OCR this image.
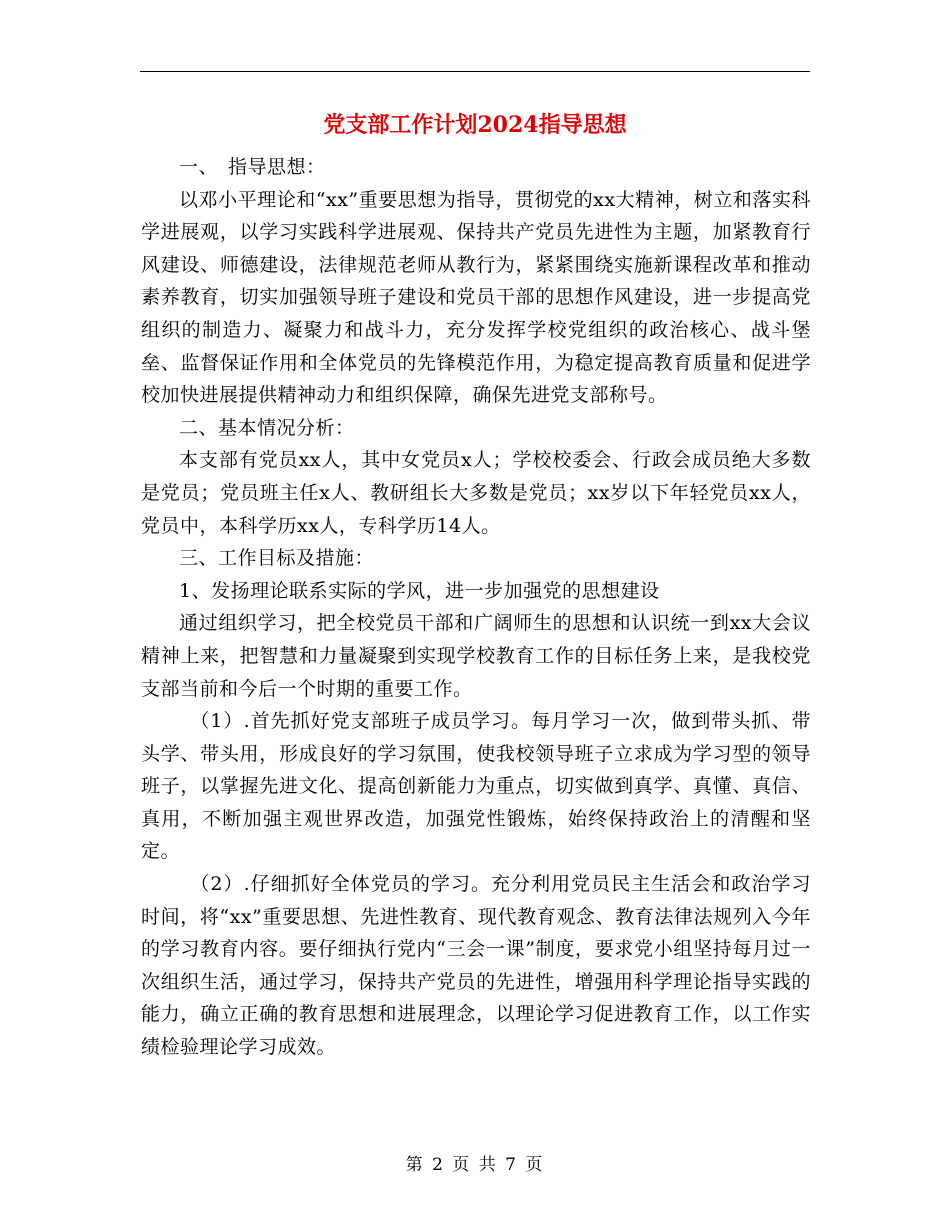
党支部工作计划2024指导思想

一、　指导思想：

以邓小平理论和“xx”重要思想为指导，贯彻党的xx大精神，树立和落实科学进展观，以学习实践科学进展观、保持共产党员先进性为主题，加紧教育行风建设、师德建设，法律规范老师从教行为，紧紧围绕实施新课程改革和推动素养教育，切实加强领导班子建设和党员干部的思想作风建设，进一步提高党组织的制造力、凝聚力和战斗力，充分发挥学校党组织的政治核心、战斗堡垒、监督保证作用和全体党员的先锋模范作用，为稳定提高教育质量和促进学校加快进展提供精神动力和组织保障，确保先进党支部称号。

二、基本情况分析：

本支部有党员xx人，其中女党员x人；学校校委会、行政会成员绝大多数是党员；党员班主任x人、教研组长大多数是党员；xx岁以下年轻党员xx人，党员中，本科学历xx人，专科学历14人。

三、工作目标及措施：

1、发扬理论联系实际的学风，进一步加强党的思想建设

通过组织学习，把全校党员干部和广阔师生的思想和认识统一到xx大会议精神上来，把智慧和力量凝聚到实现学校教育工作的目标任务上来，是我校党支部当前和今后一个时期的重要工作。

（1）.首先抓好党支部班子成员学习。每月学习一次，做到带头抓、带头学、带头用，形成良好的学习氛围，使我校领导班子立求成为学习型的领导班子，以掌握先进文化、提高创新能力为重点，切实做到真学、真懂、真信、真用，不断加强主观世界改造，加强党性锻炼，始终保持政治上的清醒和坚定。

（2）.仔细抓好全体党员的学习。充分利用党员民主生活会和政治学习时间，将“xx”重要思想、先进性教育、现代教育观念、教育法律法规列入今年的学习教育内容。要仔细执行党内“三会一课”制度，要求党小组坚持每月过一次组织生活，通过学习，保持共产党员的先进性，增强用科学理论指导实践的能力，确立正确的教育思想和进展理念，以理论学习促进教育工作，以工作实绩检验理论学习成效。

第 2 页 共 7 页
